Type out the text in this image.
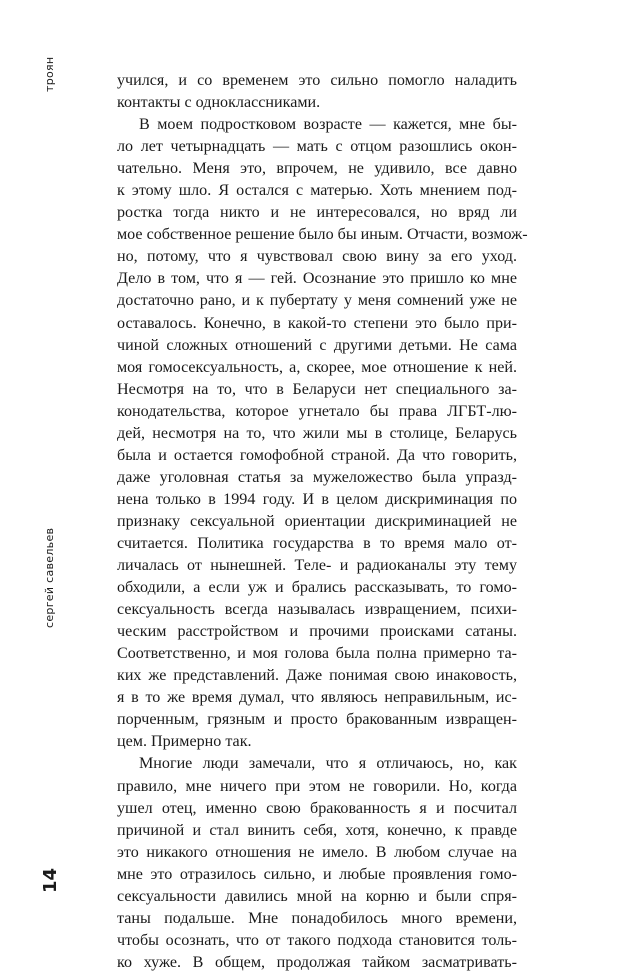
троян
сергей савельев
14
учился, и со временем это сильно помогло наладить
контакты с одноклассниками.
В моем подростковом возрасте — кажется, мне бы-
ло лет четырнадцать — мать с отцом разошлись окон-
чательно. Меня это, впрочем, не удивило, все давно
к этому шло. Я остался с матерью. Хоть мнением под-
ростка тогда никто и не интересовался, но вряд ли
мое собственное решение было бы иным. Отчасти, возмож-
но, потому, что я чувствовал свою вину за его уход.
Дело в том, что я — гей. Осознание это пришло ко мне
достаточно рано, и к пубертату у меня сомнений уже не
оставалось. Конечно, в какой-то степени это было при-
чиной сложных отношений с другими детьми. Не сама
моя гомосексуальность, а, скорее, мое отношение к ней.
Несмотря на то, что в Беларуси нет специального за-
конодательства, которое угнетало бы права ЛГБТ-лю-
дей, несмотря на то, что жили мы в столице, Беларусь
была и остается гомофобной страной. Да что говорить,
даже уголовная статья за мужеложество была упразд-
нена только в 1994 году. И в целом дискриминация по
признаку сексуальной ориентации дискриминацией не
считается. Политика государства в то время мало от-
личалась от нынешней. Теле- и радиоканалы эту тему
обходили, а если уж и брались рассказывать, то гомо-
сексуальность всегда называлась извращением, психи-
ческим расстройством и прочими происками сатаны.
Соответственно, и моя голова была полна примерно та-
ких же представлений. Даже понимая свою инаковость,
я в то же время думал, что являюсь неправильным, ис-
порченным, грязным и просто бракованным извращен-
цем. Примерно так.
Многие люди замечали, что я отличаюсь, но, как
правило, мне ничего при этом не говорили. Но, когда
ушел отец, именно свою бракованность я и посчитал
причиной и стал винить себя, хотя, конечно, к правде
это никакого отношения не имело. В любом случае на
мне это отразилось сильно, и любые проявления гомо-
сексуальности давились мной на корню и были спря-
таны подальше. Мне понадобилось много времени,
чтобы осознать, что от такого подхода становится толь-
ко хуже. В общем, продолжая тайком засматривать-
